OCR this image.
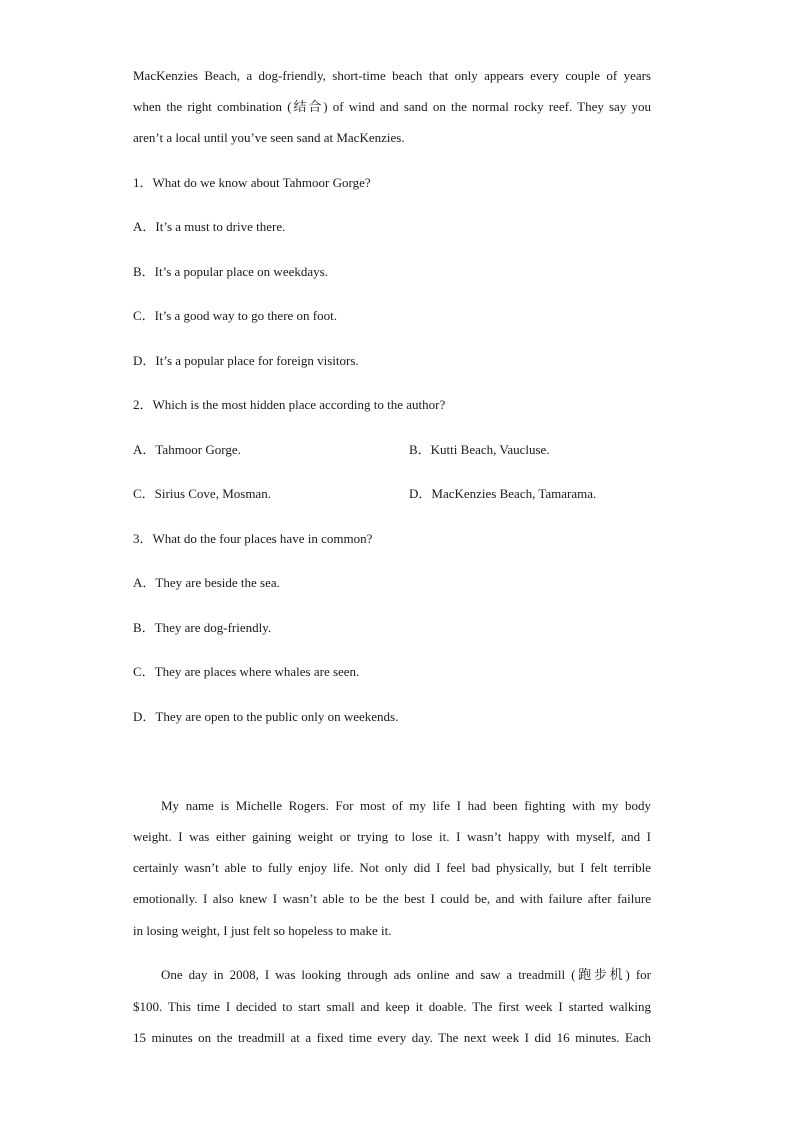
MacKenzies Beach, a dog-friendly, short-time beach that only appears every couple of years
when the right combination (结合) of wind and sand on the normal rocky reef. They say you
aren’t a local until you’ve seen sand at MacKenzies.
1．What do we know about Tahmoor Gorge?
A．It’s a must to drive there.
B．It’s a popular place on weekdays.
C．It’s a good way to go there on foot.
D．It’s a popular place for foreign visitors.
2．Which is the most hidden place according to the author?
A．Tahmoor Gorge.	B．Kutti Beach, Vaucluse.
C．Sirius Cove, Mosman.	D．MacKenzies Beach, Tamarama.
3．What do the four places have in common?
A．They are beside the sea.
B．They are dog-friendly.
C．They are places where whales are seen.
D．They are open to the public only on weekends.
My name is Michelle Rogers. For most of my life I had been fighting with my body
weight. I was either gaining weight or trying to lose it. I wasn’t happy with myself, and I
certainly wasn’t able to fully enjoy life. Not only did I feel bad physically, but I felt terrible
emotionally. I also knew I wasn’t able to be the best I could be, and with failure after failure
in losing weight, I just felt so hopeless to make it.
One day in 2008, I was looking through ads online and saw a treadmill (跑步机) for
$100. This time I decided to start small and keep it doable. The first week I started walking
15 minutes on the treadmill at a fixed time every day. The next week I did 16 minutes. Each
